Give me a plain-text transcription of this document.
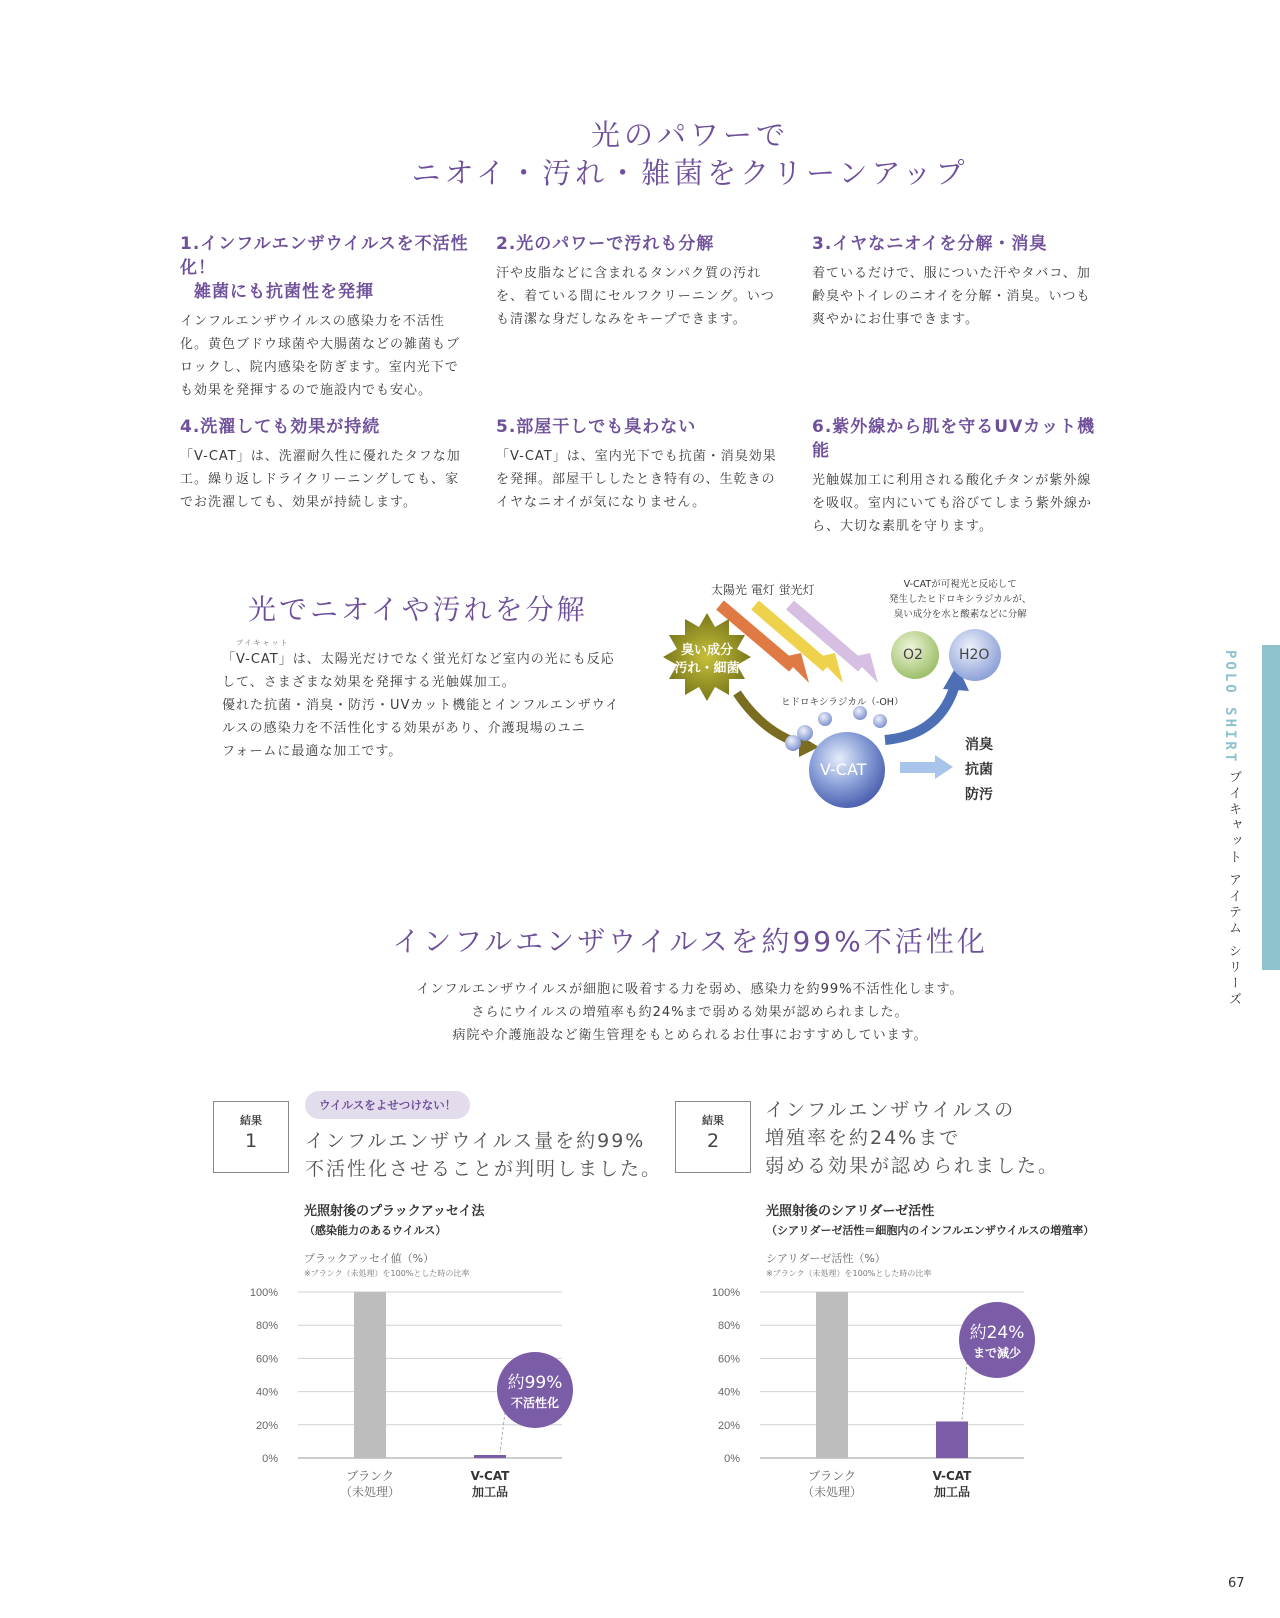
光のパワーで
ニオイ・汚れ・雑菌をクリーンアップ
1.インフルエンザウイルスを不活性化！
雑菌にも抗菌性を発揮

インフルエンザウイルスの感染力を不活性化。黄色ブドウ球菌や大腸菌などの雑菌もブロックし、院内感染を防ぎます。室内光下でも効果を発揮するので施設内でも安心。

2.光のパワーで汚れも分解

汗や皮脂などに含まれるタンパク質の汚れを、着ている間にセルフクリーニング。いつも清潔な身だしなみをキープできます。

3.イヤなニオイを分解・消臭

着ているだけで、服についた汗やタバコ、加齢臭やトイレのニオイを分解・消臭。いつも爽やかにお仕事できます。

4.洗濯しても効果が持続

「V-CAT」は、洗濯耐久性に優れたタフな加工。繰り返しドライクリーニングしても、家でお洗濯しても、効果が持続します。

5.部屋干しでも臭わない

「V-CAT」は、室内光下でも抗菌・消臭効果を発揮。部屋干ししたとき特有の、生乾きのイヤなニオイが気になりません。

6.紫外線から肌を守るUVカット機能

光触媒加工に利用される酸化チタンが紫外線を吸収。室内にいても浴びてしまう紫外線から、大切な素肌を守ります。

光でニオイや汚れを分解
ブイキャット
「V-CAT」は、太陽光だけでなく蛍光灯など室内の光にも反応
して、さまざまな効果を発揮する光触媒加工。
優れた抗菌・消臭・防汚・UVカット機能とインフルエンザウイ
ルスの感染力を不活性化する効果があり、介護現場のユニ
フォームに最適な加工です。
太陽光 電灯 蛍光灯	V-CATが可視光と反応して
発生したヒドロキシラジカルが、
臭い成分を水と酸素などに分解
臭い成分
汚れ・細菌
O2	H2O
ヒドロキシラジカル（-OH）
V-CAT
消臭
抗菌
防汚
インフルエンザウイルスを約99%不活性化
インフルエンザウイルスが細胞に吸着する力を弱め、感染力を約99%不活性化します。
さらにウイルスの増殖率も約24%まで弱める効果が認められました。
病院や介護施設など衛生管理をもとめられるお仕事におすすめしています。
結果
1
ウイルスをよせつけない！
インフルエンザウイルス量を約99%
不活性化させることが判明しました。
結果
2
インフルエンザウイルスの
増殖率を約24%まで
弱める効果が認められました。
光照射後のプラックアッセイ法
（感染能力のあるウイルス）
プラックアッセイ値（%）
※ブランク（未処理）を100%とした時の比率
100%
80%
60%
40%
20%
0%
ブランク
（未処理）
V-CAT
加工品
約99%
不活性化
光照射後のシアリダーゼ活性
（シアリダーゼ活性＝細胞内のインフルエンザウイルスの増殖率）
シアリダーゼ活性（%）
※ブランク（未処理）を100%とした時の比率
100%
80%
60%
40%
20%
0%
ブランク
（未処理）
V-CAT
加工品
約24%
まで減少
POLO SHIRT
ブイキャット アイテム シリーズ
67
